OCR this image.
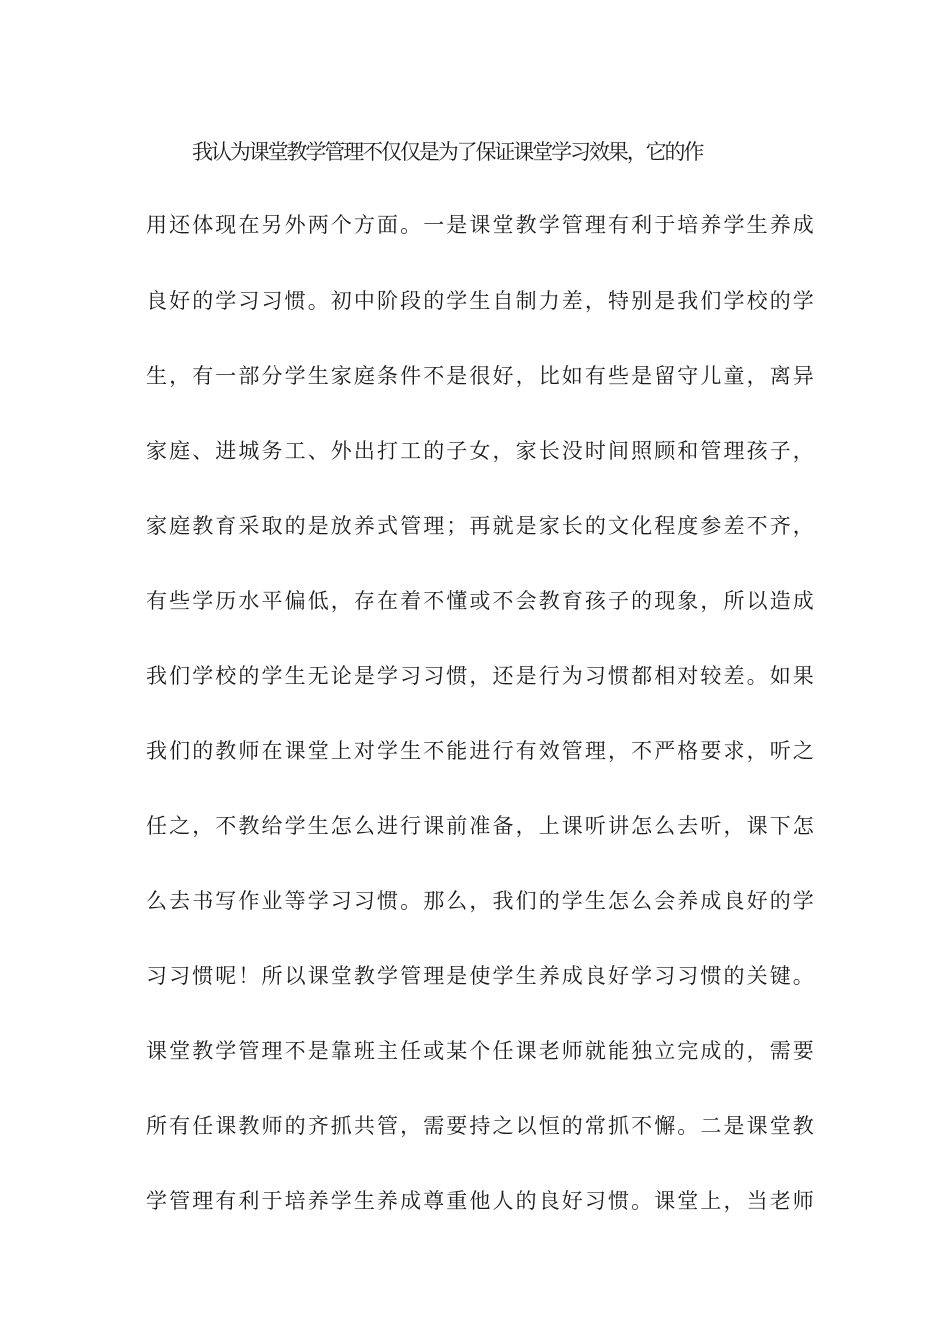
我认为课堂教学管理不仅仅是为了保证课堂学习效果，它的作
用还体现在另外两个方面。一是课堂教学管理有利于培养学生养成
良好的学习习惯。初中阶段的学生自制力差，特别是我们学校的学
生，有一部分学生家庭条件不是很好，比如有些是留守儿童，离异
家庭、进城务工、外出打工的子女，家长没时间照顾和管理孩子，
家庭教育采取的是放养式管理；再就是家长的文化程度参差不齐，
有些学历水平偏低，存在着不懂或不会教育孩子的现象，所以造成
我们学校的学生无论是学习习惯，还是行为习惯都相对较差。如果
我们的教师在课堂上对学生不能进行有效管理，不严格要求，听之
任之，不教给学生怎么进行课前准备，上课听讲怎么去听，课下怎
么去书写作业等学习习惯。那么，我们的学生怎么会养成良好的学
习习惯呢！所以课堂教学管理是使学生养成良好学习习惯的关键。
课堂教学管理不是靠班主任或某个任课老师就能独立完成的，需要
所有任课教师的齐抓共管，需要持之以恒的常抓不懈。二是课堂教
学管理有利于培养学生养成尊重他人的良好习惯。课堂上，当老师
